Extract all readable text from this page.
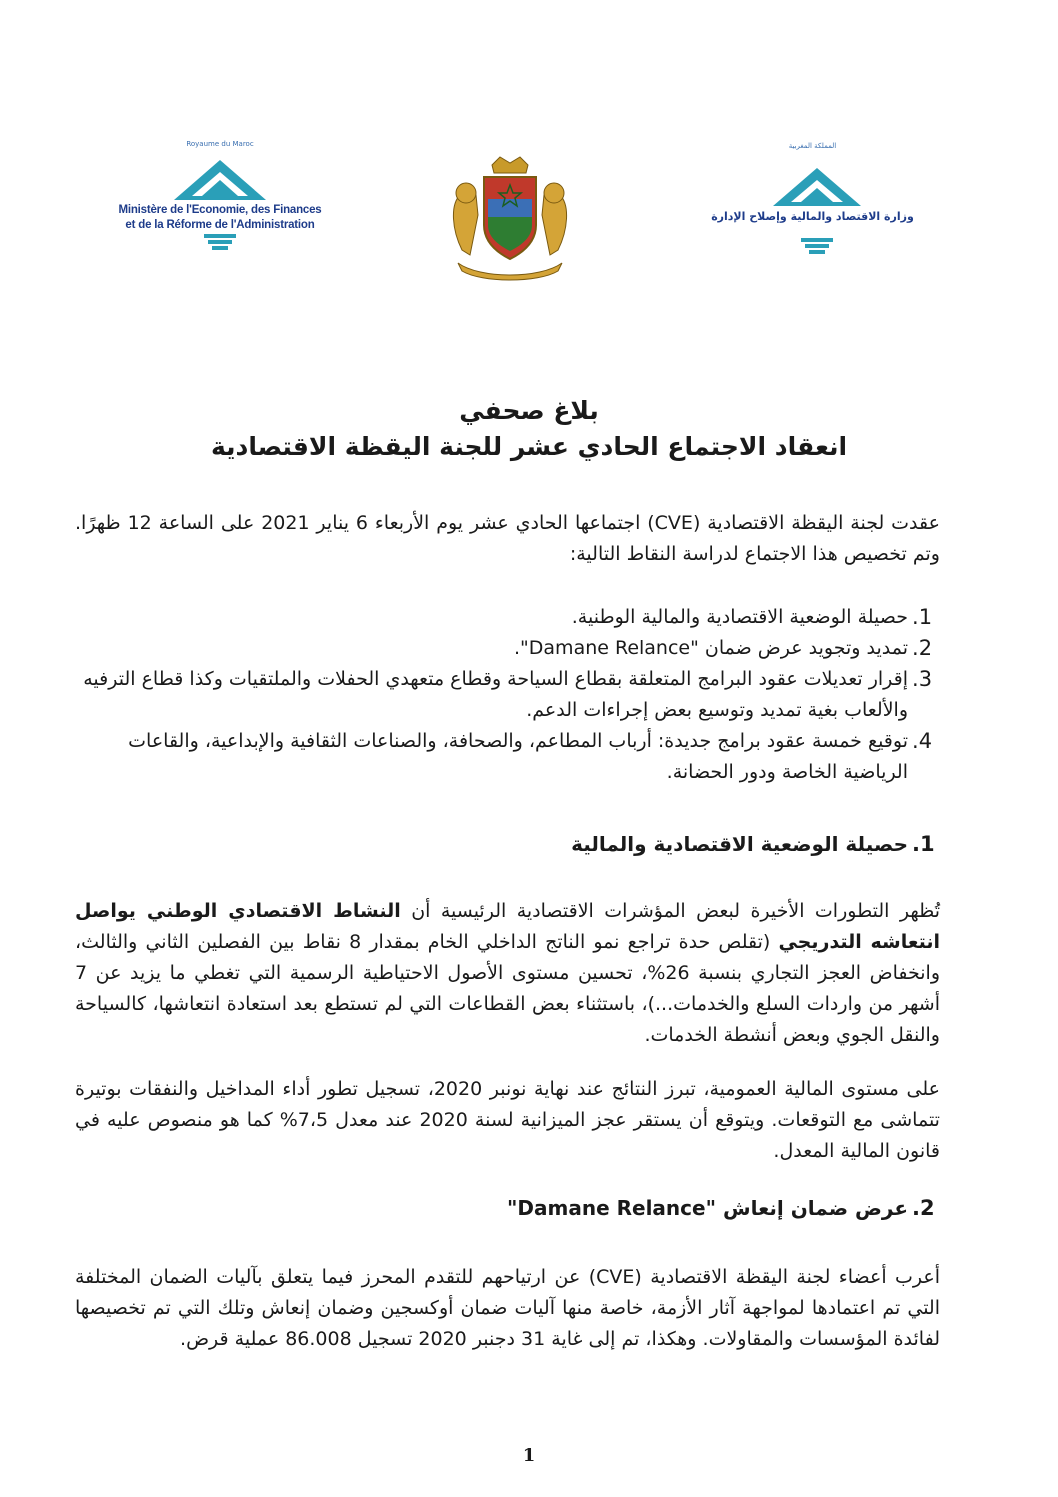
Royaume du Maroc
Ministère de l'Economie, des Finances
et de la Réforme de l'Administration
المملكة المغربية
وزارة الاقتصاد والمالية وإصلاح الإدارة
بلاغ صحفي
انعقاد الاجتماع الحادي عشر للجنة اليقظة الاقتصادية

عقدت لجنة اليقظة الاقتصادية (CVE) اجتماعها الحادي عشر يوم الأربعاء 6 يناير 2021 على الساعة 12 ظهرًا. وتم تخصيص هذا الاجتماع لدراسة النقاط التالية:

1.
حصيلة الوضعية الاقتصادية والمالية الوطنية.
2.
تمديد وتجويد عرض ضمان "Damane Relance".
3.
إقرار تعديلات عقود البرامج المتعلقة بقطاع السياحة وقطاع متعهدي الحفلات والملتقيات وكذا قطاع الترفيه والألعاب بغية تمديد وتوسيع بعض إجراءات الدعم.
4.
توقيع خمسة عقود برامج جديدة: أرباب المطاعم، والصحافة، والصناعات الثقافية والإبداعية، والقاعات الرياضية الخاصة ودور الحضانة.
1.
حصيلة الوضعية الاقتصادية والمالية

تُظهر التطورات الأخيرة لبعض المؤشرات الاقتصادية الرئيسية أن النشاط الاقتصادي الوطني يواصل انتعاشه التدريجي (تقلص حدة تراجع نمو الناتج الداخلي الخام بمقدار 8 نقاط بين الفصلين الثاني والثالث، وانخفاض العجز التجاري بنسبة 26%، تحسين مستوى الأصول الاحتياطية الرسمية التي تغطي ما يزيد عن 7 أشهر من واردات السلع والخدمات...)، باستثناء بعض القطاعات التي لم تستطع بعد استعادة انتعاشها، كالسياحة والنقل الجوي وبعض أنشطة الخدمات.

على مستوى المالية العمومية، تبرز النتائج عند نهاية نونبر 2020، تسجيل تطور أداء المداخيل والنفقات بوتيرة تتماشى مع التوقعات. ويتوقع أن يستقر عجز الميزانية لسنة 2020 عند معدل 7،5% كما هو منصوص عليه في قانون المالية المعدل.

2.
عرض ضمان إنعاش "Damane Relance"

أعرب أعضاء لجنة اليقظة الاقتصادية (CVE) عن ارتياحهم للتقدم المحرز فيما يتعلق بآليات الضمان المختلفة التي تم اعتمادها لمواجهة آثار الأزمة، خاصة منها آليات ضمان أوكسجين وضمان إنعاش وتلك التي تم تخصيصها لفائدة المؤسسات والمقاولات. وهكذا، تم إلى غاية 31 دجنبر 2020 تسجيل 86.008 عملية قرض.

1
